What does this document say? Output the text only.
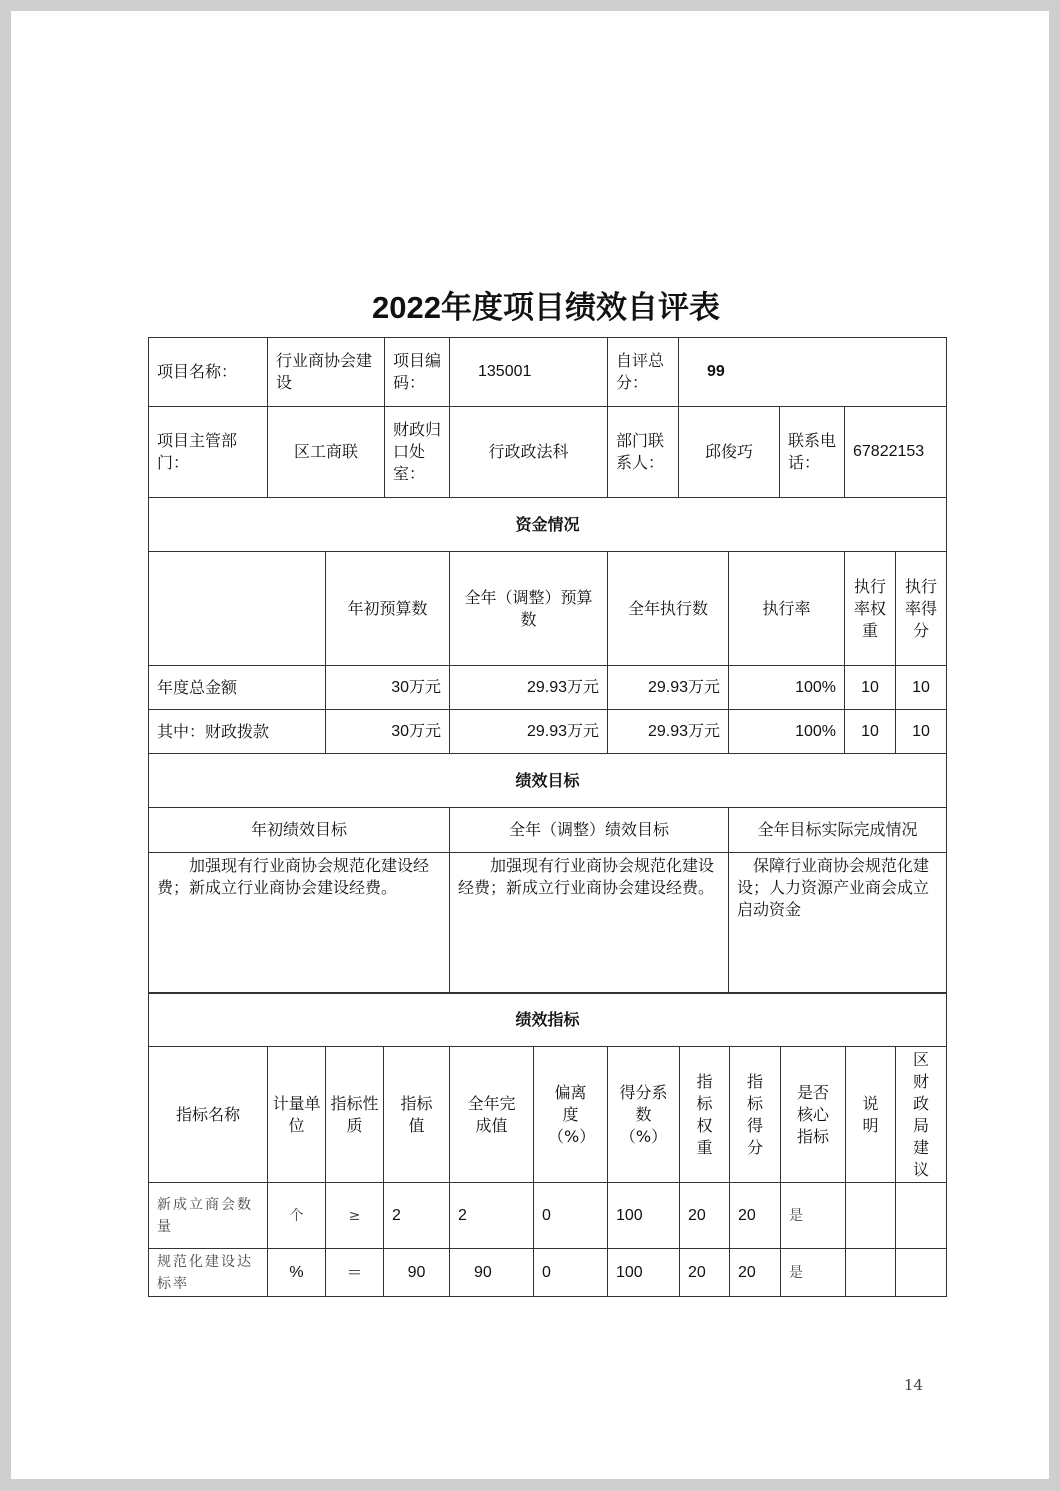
2022年度项目绩效自评表
项目名称：	行业商协会建设	项目编码：	135001	自评总分：	99		
项目主管部门：	区工商联	财政归口处室：	行政政法科	部门联系人：	邱俊巧	联系电话：	67822153
资金情况						
	年初预算数	全年（调整）预算数	全年执行数	执行率	执行率权重	执行率得分
年度总金额	30万元	29.93万元	29.93万元	100%	10	10
其中：财政拨款	30万元	29.93万元	29.93万元	100%	10	10
绩效目标		
年初绩效目标	全年（调整）绩效目标	全年目标实际完成情况
加强现有行业商协会规范化建设经费；新成立行业商协会建设经费。	加强现有行业商协会规范化建设经费；新成立行业商协会建设经费。	保障行业商协会规范化建设；人力资源产业商会成立启动资金
绩效指标											
指标名称	计量单位	指标性质	指标值	全年完成值	偏离度（%）	得分系数（%）	指标权重	指标得分	是否核心指标	说明	区财政局建议
新成立商会数量	个	≥	2	2	0	100	20	20	是		
规范化建设达标率	%	＝	90	90	0	100	20	20	是		
14
